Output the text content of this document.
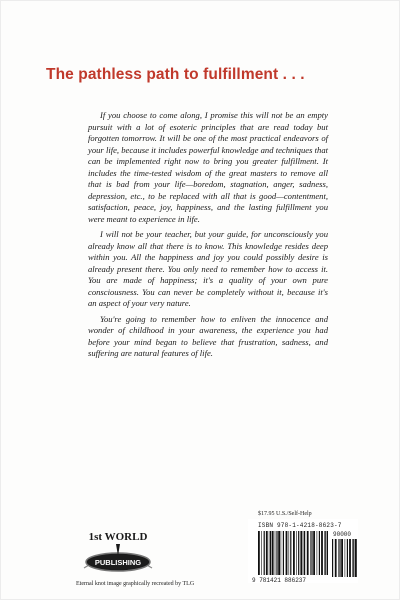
The pathless path to fulfillment . . .

If you choose to come along, I promise this will not be an empty pursuit with a lot of esoteric principles that are read today but forgotten tomorrow. It will be one of the most practical endeavors of your life, because it includes powerful knowledge and techniques that can be implemented right now to bring you greater fulfillment. It includes the time-tested wisdom of the great masters to remove all that is bad from your life—boredom, stagnation, anger, sadness, depression, etc., to be replaced with all that is good—contentment, satisfaction, peace, joy, happiness, and the lasting fulfillment you were meant to experience in life.

I will not be your teacher, but your guide, for unconsciously you already know all that there is to know. This knowledge resides deep within you. All the happiness and joy you could possibly desire is already present there. You only need to remember how to access it. You are made of happiness; it's a quality of your own pure consciousness. You can never be completely without it, because it's an aspect of your very nature.

You're going to remember how to enliven the innocence and wonder of childhood in your awareness, the experience you had before your mind began to believe that frustration, sadness, and suffering are natural features of life.

1st WORLD
PUBLISHING
Eternal knot image graphically recreated by TLG
$17.95 U.S./Self-Help
ISBN 978-1-4218-8623-7
90000
9 781421 886237
